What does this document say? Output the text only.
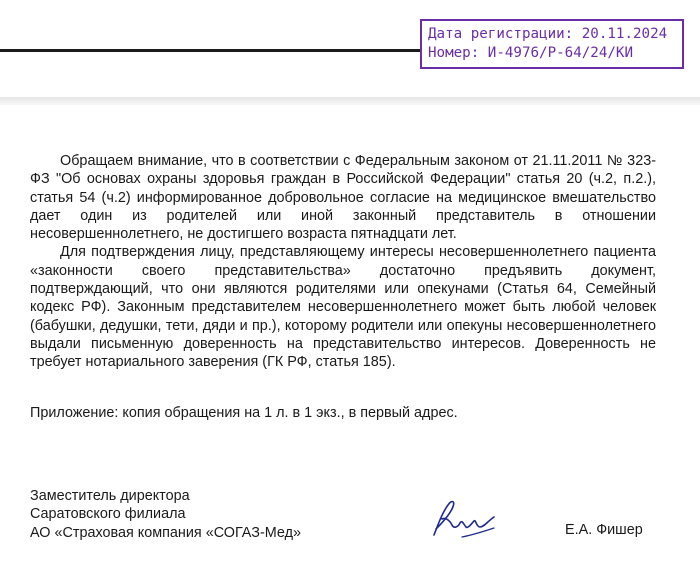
Дата регистрации: 20.11.2024
Номер: И-4976/Р-64/24/КИ

Обращаем внимание, что в соответствии с Федеральным законом от 21.11.2011 № 323-ФЗ "Об основах охраны здоровья граждан в Российской Федерации" статья 20 (ч.2, п.2.), статья 54 (ч.2) информированное добровольное согласие на медицинское вмешательство дает один из родителей или иной законный представитель в отношении несовершеннолетнего, не достигшего возраста пятнадцати лет.

Для подтверждения лицу, представляющему интересы несовершеннолетнего пациента «законности своего представительства» достаточно предъявить документ, подтверждающий, что они являются родителями или опекунами (Статья 64, Семейный кодекс РФ). Законным представителем несовершеннолетнего может быть любой человек (бабушки, дедушки, тети, дяди и пр.), которому родители или опекуны несовершеннолетнего выдали письменную доверенность на представительство интересов. Доверенность не требует нотариального заверения (ГК РФ, статья 185).

Приложение: копия обращения на 1 л. в 1 экз., в первый адрес.
Заместитель директора
Саратовского филиала
АО «Страховая компания «СОГАЗ-Мед»	Е.А. Фишер
